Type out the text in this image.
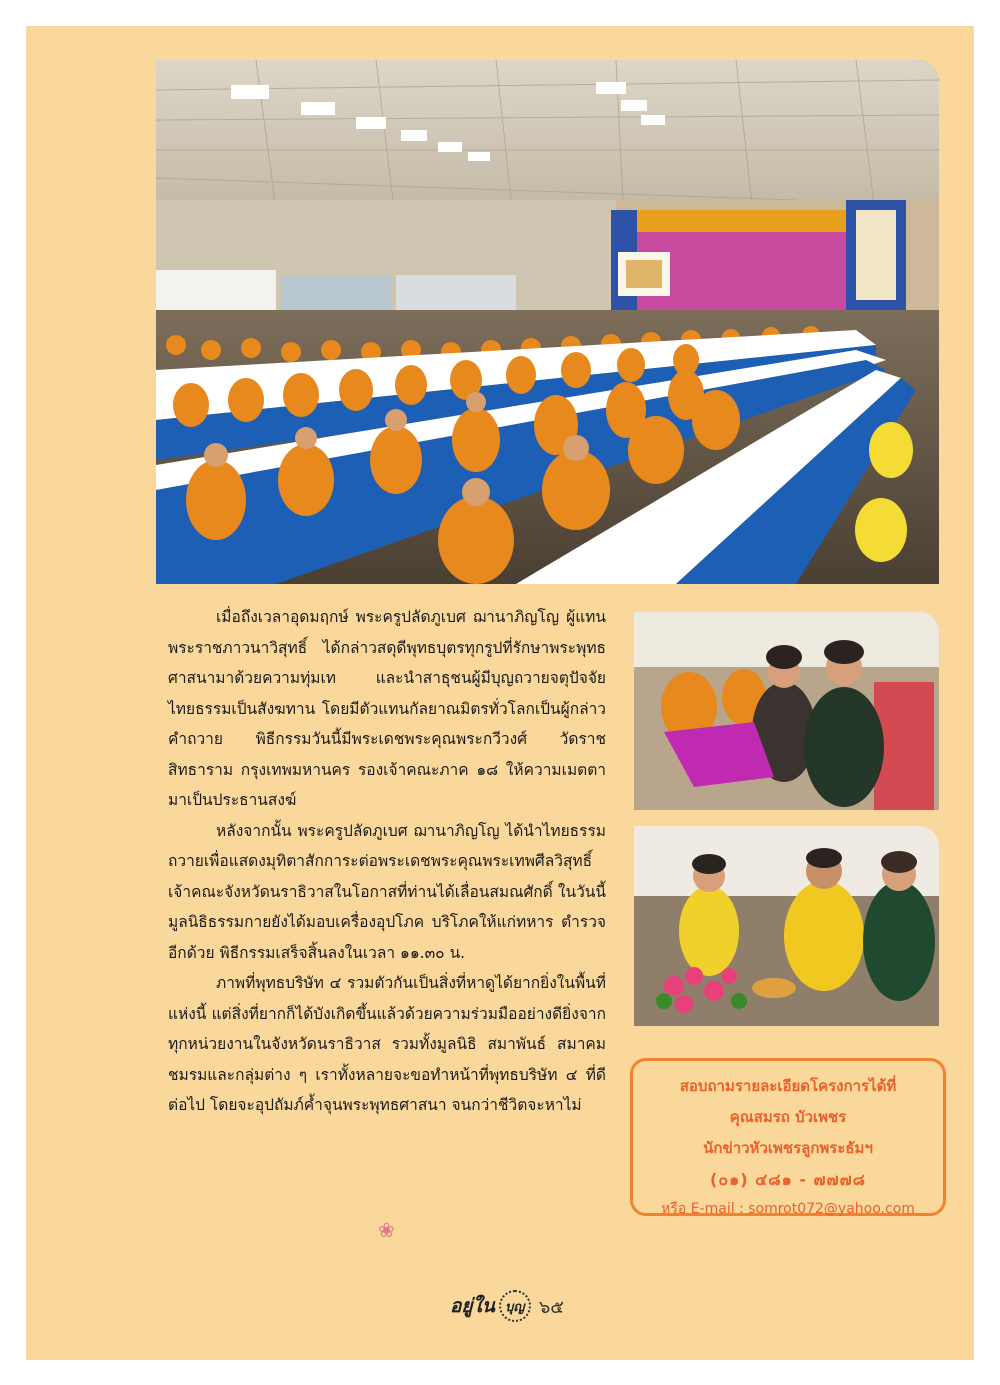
เมื่อถึงเวลาอุดมฤกษ์ พระครูปลัดภูเบศ ฌานาภิญโญ ผู้แทนพระราชภาวนาวิสุทธิ์ ได้กล่าวสดุดีพุทธบุตรทุกรูปที่รักษาพระพุทธศาสนามาด้วยความทุ่มเท และนำสาธุชนผู้มีบุญถวายจตุปัจจัยไทยธรรมเป็นสังฆทาน โดยมีตัวแทนกัลยาณมิตรทั่วโลกเป็นผู้กล่าวคำถวาย พิธีกรรมวันนี้มีพระเดชพระคุณพระกวีวงศ์ วัดราชสิทธาราม กรุงเทพมหานคร รองเจ้าคณะภาค ๑๘ ให้ความเมตตามาเป็นประธานสงฆ์

หลังจากนั้น พระครูปลัดภูเบศ ฌานาภิญโญ ได้นำไทยธรรมถวายเพื่อแสดงมุทิตาสักการะต่อพระเดชพระคุณพระเทพศีลวิสุทธิ์ เจ้าคณะจังหวัดนราธิวาสในโอกาสที่ท่านได้เลื่อนสมณศักดิ์ ในวันนี้มูลนิธิธรรมกายยังได้มอบเครื่องอุปโภค บริโภคให้แก่ทหาร ตำรวจ อีกด้วย พิธีกรรมเสร็จสิ้นลงในเวลา ๑๑.๓๐ น.

ภาพที่พุทธบริษัท ๔ รวมตัวกันเป็นสิ่งที่หาดูได้ยากยิ่งในพื้นที่แห่งนี้ แต่สิ่งที่ยากก็ได้บังเกิดขึ้นแล้วด้วยความร่วมมืออย่างดียิ่งจากทุกหน่วยงานในจังหวัดนราธิวาส รวมทั้งมูลนิธิ สมาพันธ์ สมาคม ชมรมและกลุ่มต่าง ๆ เราทั้งหลายจะขอทำหน้าที่พุทธบริษัท ๔ ที่ดีต่อไป โดยจะอุปถัมภ์ค้ำจุนพระพุทธศาสนา จนกว่าชีวิตจะหาไม่

❀
สอบถามรายละเอียดโครงการได้ที่
คุณสมรถ บัวเพชร
นักข่าวหัวเพชรลูกพระธัมฯ
(๐๑) ๔๘๑ - ๗๗๗๘
หรือ E-mail : somrot072@yahoo.com
อยู่ใน บุญ ๖๕
